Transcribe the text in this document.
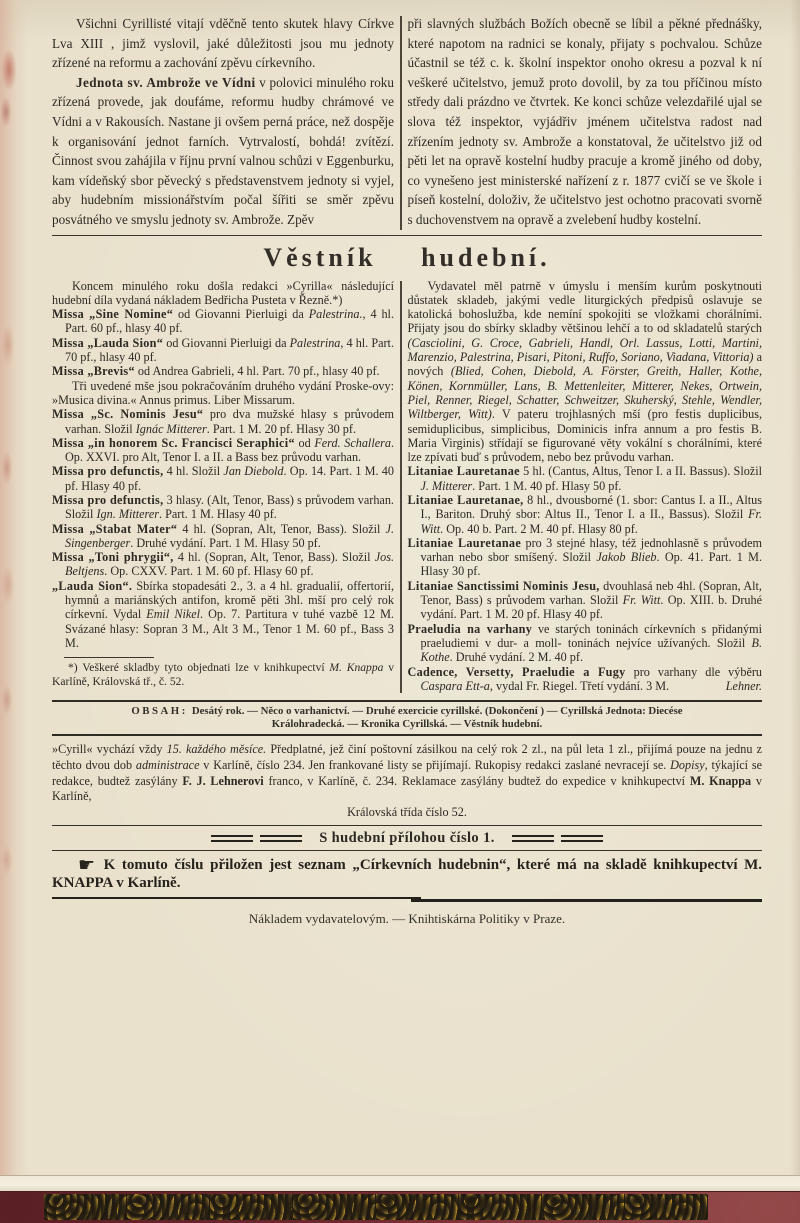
Všichni Cyrillisté vitají vděčně tento skutek hlavy Církve Lva XIII , jimž vyslovil, jaké důležitosti jsou mu jednoty zřízené na reformu a zachování zpěvu církevního.

Jednota sv. Ambrože ve Vídni v polovici minulého roku zřízená provede, jak doufáme, reformu hudby chrámové ve Vídni a v Rakousích. Nastane ji ovšem perná práce, než dospěje k organisování jednot farních. Vytrvalostí, bohdá! zvítězí. Činnost svou zahájila v říjnu první valnou schůzi v Eggenburku, kam vídeňský sbor pěvecký s představenstvem jednoty si vyjel, aby hudebním missionářstvím počal šířiti se směr zpěvu posvátného ve smyslu jednoty sv. Ambrože. Zpěv

při slavných službách Božích obecně se líbil a pěkné přednášky, které napotom na radnici se konaly, přijaty s pochvalou. Schůze účastnil se též c. k. školní inspektor onoho okresu a pozval k ní veškeré učitelstvo, jemuž proto dovolil, by za tou příčinou místo středy dali prázdno ve čtvrtek. Ke konci schůze velezdařilé ujal se slova též inspektor, vyjádřiv jménem učitelstva radost nad zřízením jednoty sv. Ambrože a konstatoval, že učitelstvo již od pěti let na opravě kostelní hudby pracuje a kromě jiného od doby, co vynešeno jest ministerské nařízení z r. 1877 cvičí se ve škole i píseň kostelní, doloživ, že učitelstvo jest ochotno pracovati svorně s duchovenstvem na opravě a zvelebení hudby kostelní.

Věstník hudební.

Koncem minulého roku došla redakci »Cyrilla« následující hudební díla vydaná nákladem Bedřicha Pusteta v Řezně.*)

Missa „Sine Nomine“ od Giovanni Pierluigi da Palestrina., 4 hl. Part. 60 pf., hlasy 40 pf.

Missa „Lauda Sion“ od Giovanni Pierluigi da Palestrina, 4 hl. Part. 70 pf., hlasy 40 pf.

Missa „Brevis“ od Andrea Gabrieli, 4 hl. Part. 70 pf., hlasy 40 pf.

Tři uvedené mše jsou pokračováním druhého vydání Proske-ovy: »Musica divina.« Annus primus. Liber Missarum.

Missa „Sc. Nominis Jesu“ pro dva mužské hlasy s průvodem varhan. Složil Ignác Mitterer. Part. 1 M. 20 pf. Hlasy 30 pf.

Missa „in honorem Sc. Francisci Seraphici“ od Ferd. Schallera. Op. XXVI. pro Alt, Tenor I. a II. a Bass bez průvodu varhan.

Missa pro defunctis, 4 hl. Složil Jan Diebold. Op. 14. Part. 1 M. 40 pf. Hlasy 40 pf.

Missa pro defunctis, 3 hlasy. (Alt, Tenor, Bass) s průvodem varhan. Složil Ign. Mitterer. Part. 1 M. Hlasy 40 pf.

Missa „Stabat Mater“ 4 hl. (Sopran, Alt, Tenor, Bass). Složil J. Singenberger. Druhé vydání. Part. 1 M. Hlasy 50 pf.

Missa „Toni phrygii“, 4 hl. (Sopran, Alt, Tenor, Bass). Složil Jos. Beltjens. Op. CXXV. Part. 1 M. 60 pf. Hlasy 60 pf.

„Lauda Sion“. Sbírka stopadesáti 2., 3. a 4 hl. gradualií, offertorií, hymnů a mariánských antifon, kromě pěti 3hl. mší pro celý rok církevní. Vydal Emil Nikel. Op. 7. Partitura v tuhé vazbě 12 M. Svázané hlasy: Sopran 3 M., Alt 3 M., Tenor 1 M. 60 pf., Bass 3 M.

*) Veškeré skladby tyto objednati lze v knihkupectví M. Knappa v Karlíně, Královská tř., č. 52.

Vydavatel měl patrně v úmyslu i menším kurům poskytnouti důstatek skladeb, jakými vedle liturgických předpisů oslavuje se katolická bohoslužba, kde nemíní spokojiti se vložkami chorálními. Přijaty jsou do sbírky skladby většinou lehčí a to od skladatelů starých (Casciolini, G. Croce, Gabrieli, Handl, Orl. Lassus, Lotti, Martini, Marenzio, Palestrina, Pisari, Pitoni, Ruffo, Soriano, Viadana, Vittoria) a nových (Blied, Cohen, Diebold, A. Förster, Greith, Haller, Kothe, Könen, Kornmüller, Lans, B. Mettenleiter, Mitterer, Nekes, Ortwein, Piel, Renner, Riegel, Schatter, Schweitzer, Skuherský, Stehle, Wendler, Wiltberger, Witt). V pateru trojhlasných mší (pro festis duplicibus, semiduplicibus, simplicibus, Dominicis infra annum a pro festis B. Maria Virginis) střídají se figurované věty vokální s chorálními, které lze zpívati buď s průvodem, nebo bez průvodu varhan.

Litaniae Lauretanae 5 hl. (Cantus, Altus, Tenor I. a II. Bassus). Složil J. Mitterer. Part. 1 M. 40 pf. Hlasy 50 pf.

Litaniae Lauretanae, 8 hl., dvousborné (1. sbor: Cantus I. a II., Altus I., Bariton. Druhý sbor: Altus II., Tenor I. a II., Bassus). Složil Fr. Witt. Op. 40 b. Part. 2 M. 40 pf. Hlasy 80 pf.

Litaniae Lauretanae pro 3 stejné hlasy, též jednohlasně s průvodem varhan nebo sbor smíšený. Složil Jakob Blieb. Op. 41. Part. 1 M. Hlasy 30 pf.

Litaniae Sanctissimi Nominis Jesu, dvouhlasá neb 4hl. (Sopran, Alt, Tenor, Bass) s průvodem varhan. Složil Fr. Witt. Op. XIII. b. Druhé vydání. Part. 1 M. 20 pf. Hlasy 40 pf.

Praeludia na varhany ve starých toninách církevních s přidanými praeludiemi v dur- a moll- toninách nejvíce užívaných. Složil B. Kothe. Druhé vydání. 2 M. 40 pf.

Cadence, Versetty, Praeludie a Fugy pro varhany dle výběru Caspara Ett-a, vydal Fr. Riegel. Třetí vydání. 3 M.	Lehner.

OBSAH: Desátý rok. — Něco o varhanictví. — Druhé exercicie cyrillské. (Dokončení ) — Cyrillská Jednota: Diecése
Králohradecká. — Kronika Cyrillská. — Věstník hudební.

»Cyrill« vychází vždy 15. každého měsíce. Předplatné, jež činí poštovní zásilkou na celý rok 2 zl., na půl leta 1 zl., přijímá pouze na jednu z těchto dvou dob administrace v Karlíně, číslo 234. Jen frankované listy se přijímají. Rukopisy redakci zaslané nevracejí se. Dopisy, týkající se redakce, budtež zasýlány F. J. Lehnerovi franco, v Karlíně, č. 234. Reklamace zasýlány budtež do expedice v knihkupectví M. Knappa v Karlíně,
Královská třída číslo 52.

S hudební přílohou číslo 1.

☛ K tomuto číslu přiložen jest seznam „Církevních hudebnin“, které má na skladě knihkupectví M. KNAPPA v Karlíně.

Nákladem vydavatelovým. — Knihtiskárna Politiky v Praze.
